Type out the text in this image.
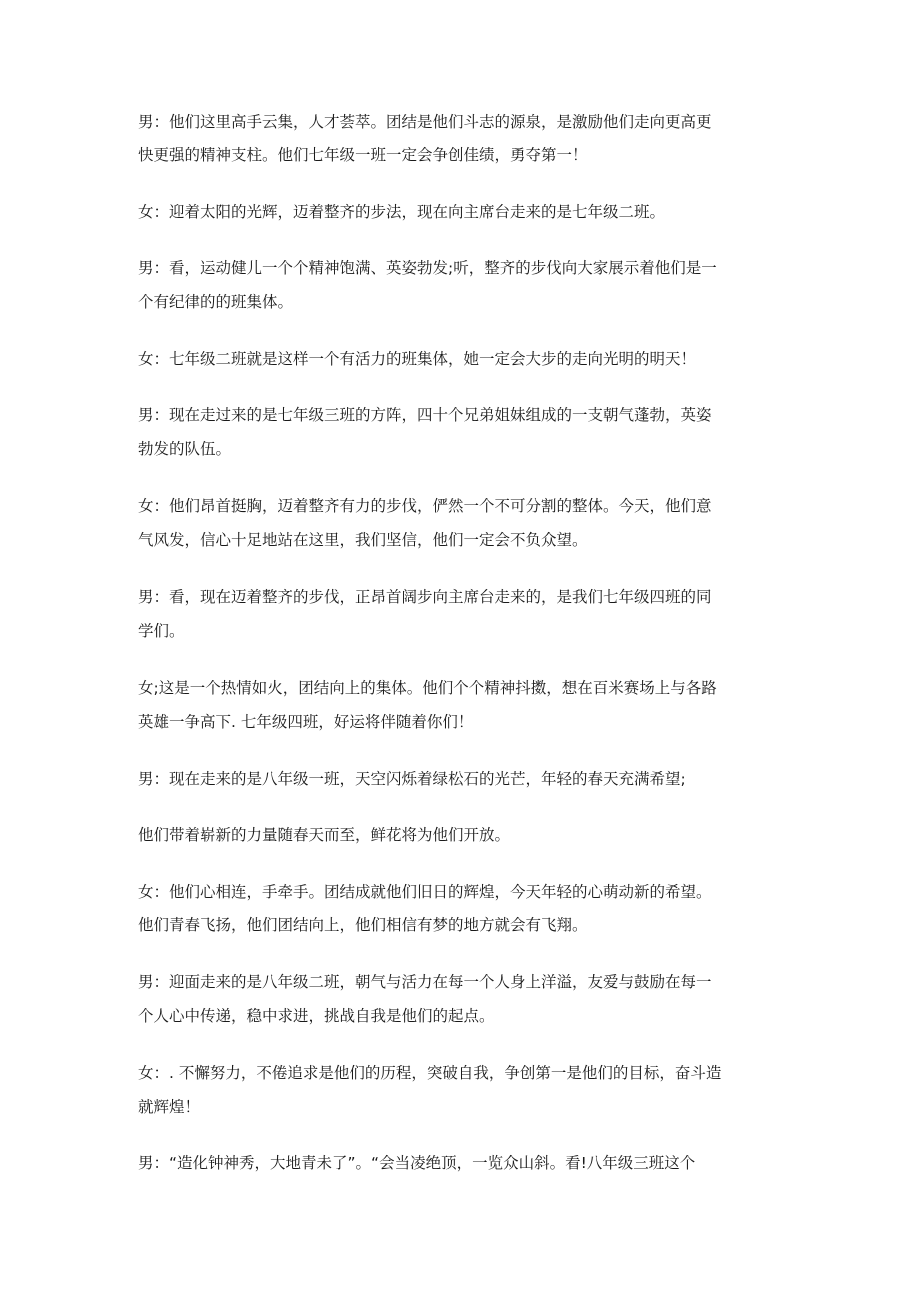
男：他们这里高手云集，人才荟萃。团结是他们斗志的源泉，是激励他们走向更高更
快更强的精神支柱。他们七年级一班一定会争创佳绩，勇夺第一！
女：迎着太阳的光辉，迈着整齐的步法，现在向主席台走来的是七年级二班。
男：看，运动健儿一个个精神饱满、英姿勃发;听，整齐的步伐向大家展示着他们是一
个有纪律的的班集体。
女：七年级二班就是这样一个有活力的班集体，她一定会大步的走向光明的明天！
男：现在走过来的是七年级三班的方阵，四十个兄弟姐妹组成的一支朝气蓬勃，英姿
勃发的队伍。
女：他们昂首挺胸，迈着整齐有力的步伐，俨然一个不可分割的整体。今天，他们意
气风发，信心十足地站在这里，我们坚信，他们一定会不负众望。
男：看，现在迈着整齐的步伐，正昂首阔步向主席台走来的，是我们七年级四班的同
学们。
女;这是一个热情如火，团结向上的集体。他们个个精神抖擞，想在百米赛场上与各路
英雄一争高下. 七年级四班，好运将伴随着你们！
男：现在走来的是八年级一班，天空闪烁着绿松石的光芒，年轻的春天充满希望;
他们带着崭新的力量随春天而至，鲜花将为他们开放。
女：他们心相连，手牵手。团结成就他们旧日的辉煌，今天年轻的心萌动新的希望。
他们青春飞扬，他们团结向上，他们相信有梦的地方就会有飞翔。
男：迎面走来的是八年级二班，朝气与活力在每一个人身上洋溢，友爱与鼓励在每一
个人心中传递，稳中求进，挑战自我是他们的起点。
女：. 不懈努力，不倦追求是他们的历程，突破自我，争创第一是他们的目标，奋斗造
就辉煌！
男：“造化钟神秀，大地青未了”。“会当凌绝顶，一览众山斜。看!八年级三班这个
